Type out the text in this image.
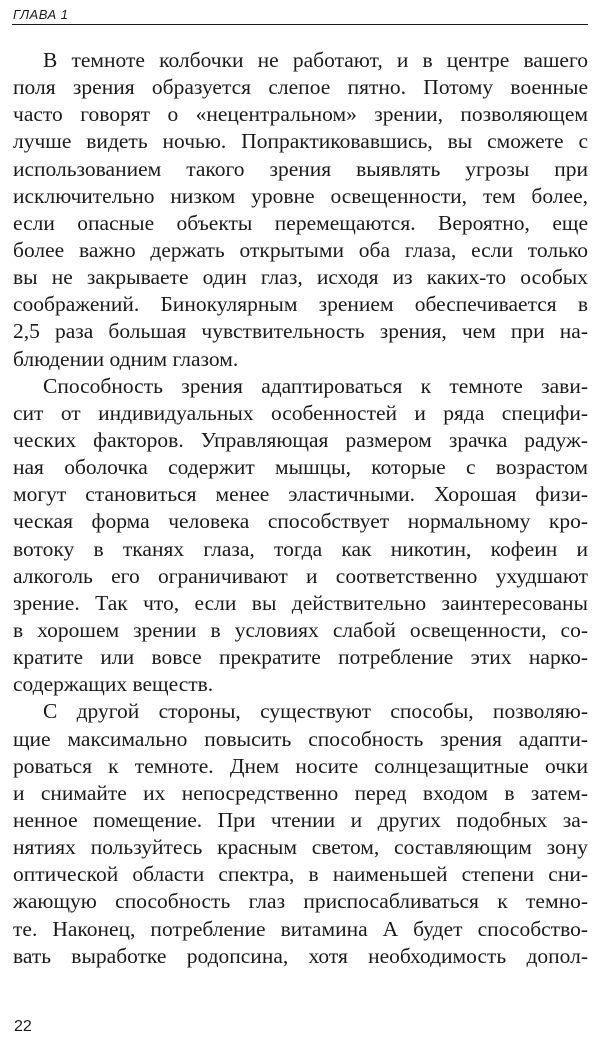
ГЛАВА 1
В темноте колбочки не работают, и в центре вашего
поля зрения образуется слепое пятно. Потому военные
часто говорят о «нецентральном» зрении, позволяющем
лучше видеть ночью. Попрактиковавшись, вы сможете с
использованием такого зрения выявлять угрозы при
исключительно низком уровне освещенности, тем более,
если опасные объекты перемещаются. Вероятно, еще
более важно держать открытыми оба глаза, если только
вы не закрываете один глаз, исходя из каких-то особых
соображений. Бинокулярным зрением обеспечивается в
2,5 раза большая чувствительность зрения, чем при на-
блюдении одним глазом.
Способность зрения адаптироваться к темноте зави-
сит от индивидуальных особенностей и ряда специфи-
ческих факторов. Управляющая размером зрачка радуж-
ная оболочка содержит мышцы, которые с возрастом
могут становиться менее эластичными. Хорошая физи-
ческая форма человека способствует нормальному кро-
вотоку в тканях глаза, тогда как никотин, кофеин и
алкоголь его ограничивают и соответственно ухудшают
зрение. Так что, если вы действительно заинтересованы
в хорошем зрении в условиях слабой освещенности, со-
кратите или вовсе прекратите потребление этих нарко-
содержащих веществ.
С другой стороны, существуют способы, позволяю-
щие максимально повысить способность зрения адапти-
роваться к темноте. Днем носите солнцезащитные очки
и снимайте их непосредственно перед входом в затем-
ненное помещение. При чтении и других подобных за-
нятиях пользуйтесь красным светом, составляющим зону
оптической области спектра, в наименьшей степени сни-
жающую способность глаз приспосабливаться к темно-
те. Наконец, потребление витамина А будет способство-
вать выработке родопсина, хотя необходимость допол-
22
